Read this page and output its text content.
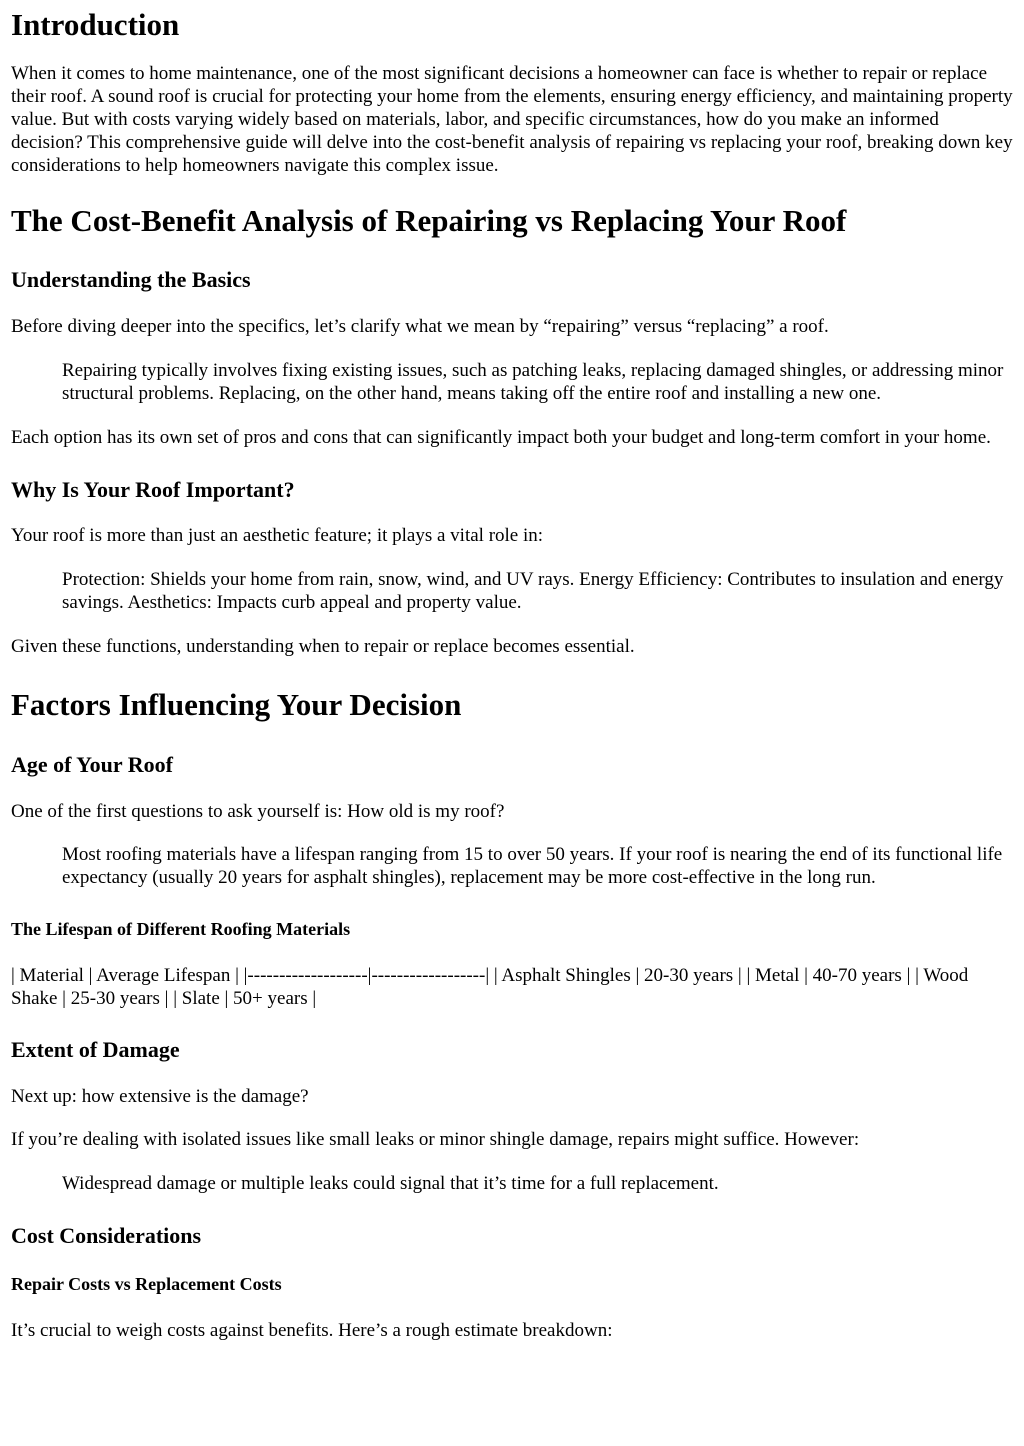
Introduction

When it comes to home maintenance, one of the most significant decisions a homeowner can face is whether to repair or replace their roof. A sound roof is crucial for protecting your home from the elements, ensuring energy efficiency, and maintaining property value. But with costs varying widely based on materials, labor, and specific circumstances, how do you make an informed decision? This comprehensive guide will delve into the cost-benefit analysis of repairing vs replacing your roof, breaking down key considerations to help homeowners navigate this complex issue.

The Cost-Benefit Analysis of Repairing vs Replacing Your Roof
Understanding the Basics

Before diving deeper into the specifics, let’s clarify what we mean by “repairing” versus “replacing” a roof.

Repairing typically involves fixing existing issues, such as patching leaks, replacing damaged shingles, or addressing minor structural problems. Replacing, on the other hand, means taking off the entire roof and installing a new one.

Each option has its own set of pros and cons that can significantly impact both your budget and long-term comfort in your home.

Why Is Your Roof Important?

Your roof is more than just an aesthetic feature; it plays a vital role in:

Protection: Shields your home from rain, snow, wind, and UV rays. Energy Efficiency: Contributes to insulation and energy savings. Aesthetics: Impacts curb appeal and property value.

Given these functions, understanding when to repair or replace becomes essential.

Factors Influencing Your Decision
Age of Your Roof

One of the first questions to ask yourself is: How old is my roof?

Most roofing materials have a lifespan ranging from 15 to over 50 years. If your roof is nearing the end of its functional life expectancy (usually 20 years for asphalt shingles), replacement may be more cost-effective in the long run.
The Lifespan of Different Roofing Materials

| Material | Average Lifespan | |-------------------|------------------| | Asphalt Shingles | 20-30 years | | Metal | 40-70 years | | Wood Shake | 25-30 years | | Slate | 50+ years |

Extent of Damage

Next up: how extensive is the damage?

If you’re dealing with isolated issues like small leaks or minor shingle damage, repairs might suffice. However:

Widespread damage or multiple leaks could signal that it’s time for a full replacement.
Cost Considerations
Repair Costs vs Replacement Costs

It’s crucial to weigh costs against benefits. Here’s a rough estimate breakdown:
